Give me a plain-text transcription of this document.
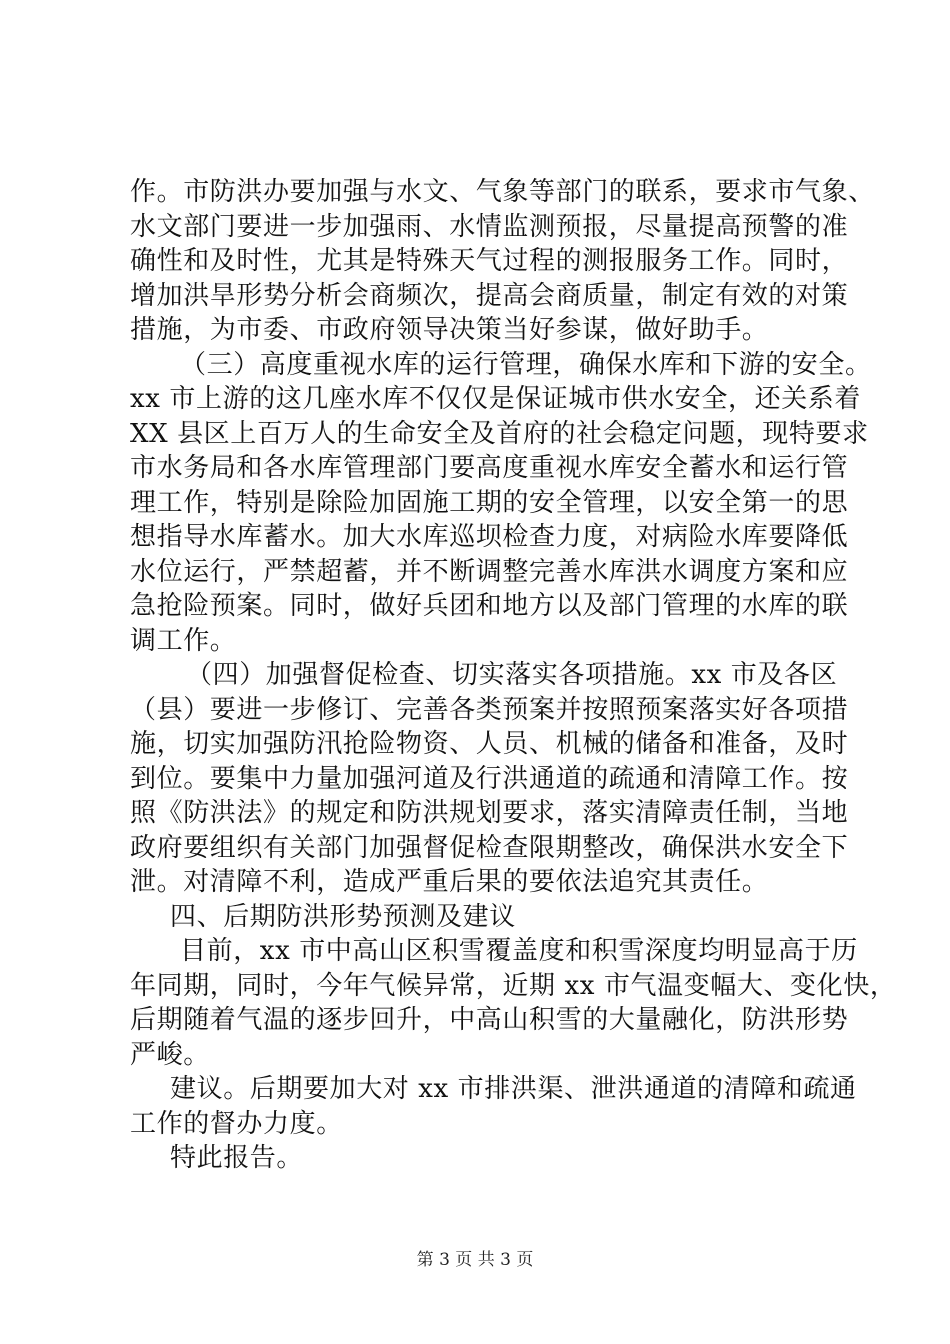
作。市防洪办要加强与水文、气象等部门的联系，要求市气象、
水文部门要进一步加强雨、水情监测预报，尽量提高预警的准
确性和及时性，尤其是特殊天气过程的测报服务工作。同时，
增加洪旱形势分析会商频次，提高会商质量，制定有效的对策
措施，为市委、市政府领导决策当好参谋，做好助手。
（三）高度重视水库的运行管理，确保水库和下游的安全。
xx 市上游的这几座水库不仅仅是保证城市供水安全，还关系着
XX 县区上百万人的生命安全及首府的社会稳定问题，现特要求
市水务局和各水库管理部门要高度重视水库安全蓄水和运行管
理工作，特别是除险加固施工期的安全管理，以安全第一的思
想指导水库蓄水。加大水库巡坝检查力度，对病险水库要降低
水位运行，严禁超蓄，并不断调整完善水库洪水调度方案和应
急抢险预案。同时，做好兵团和地方以及部门管理的水库的联
调工作。
（四）加强督促检查、切实落实各项措施。xx 市及各区
（县）要进一步修订、完善各类预案并按照预案落实好各项措
施，切实加强防汛抢险物资、人员、机械的储备和准备，及时
到位。要集中力量加强河道及行洪通道的疏通和清障工作。按
照《防洪法》的规定和防洪规划要求，落实清障责任制，当地
政府要组织有关部门加强督促检查限期整改，确保洪水安全下
泄。对清障不利，造成严重后果的要依法追究其责任。
四、后期防洪形势预测及建议
目前，xx 市中高山区积雪覆盖度和积雪深度均明显高于历
年同期，同时，今年气候异常，近期 xx 市气温变幅大、变化快，
后期随着气温的逐步回升，中高山积雪的大量融化，防洪形势
严峻。
建议。后期要加大对 xx 市排洪渠、泄洪通道的清障和疏通
工作的督办力度。
特此报告。
第 3 页 共 3 页
